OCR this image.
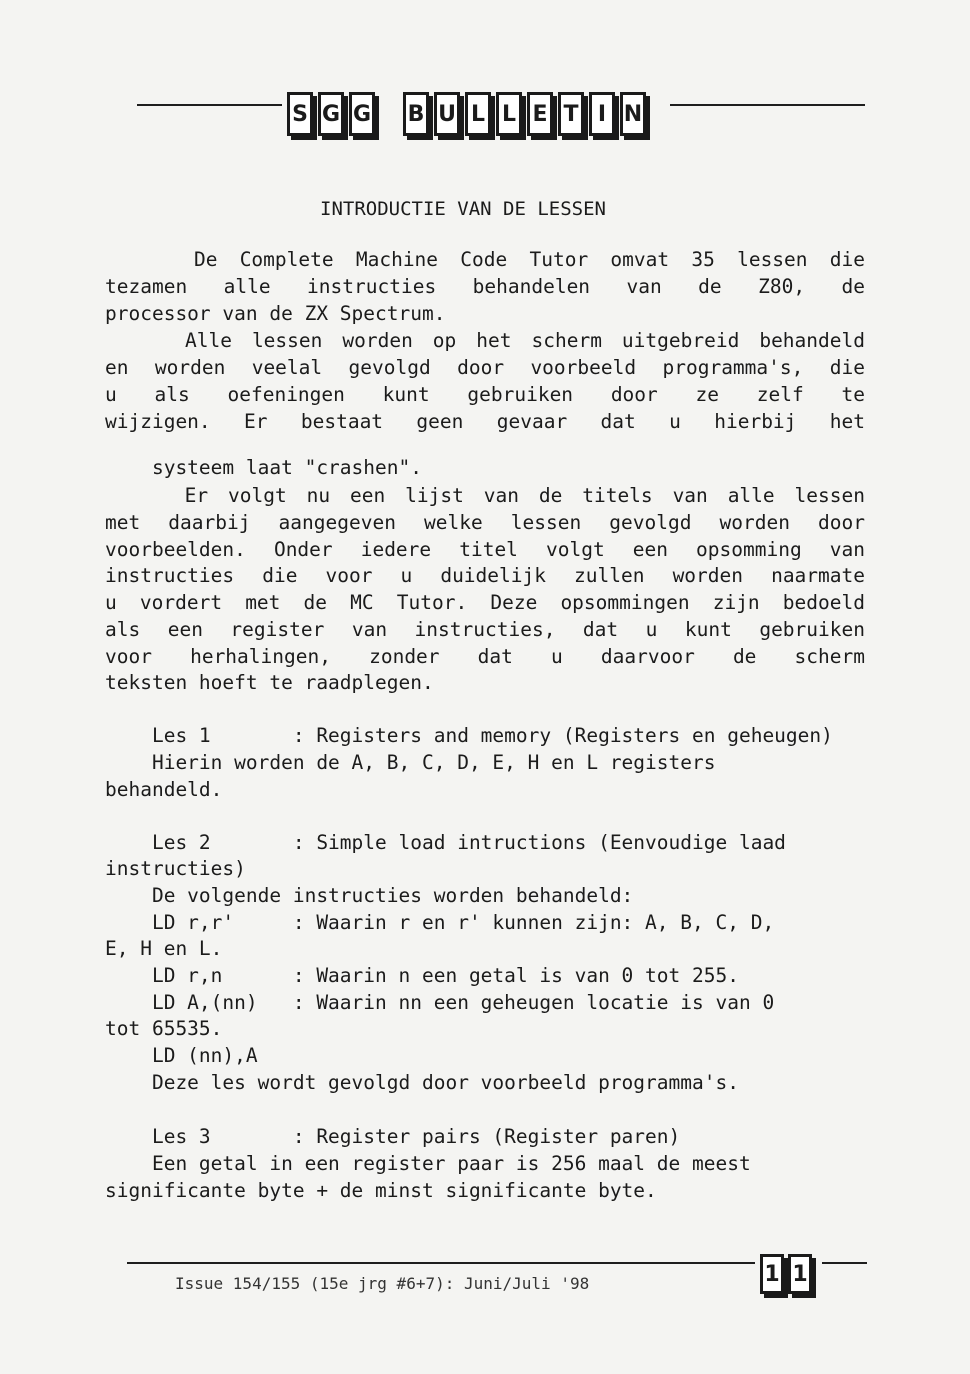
S G G B U L L E T I N
INTRODUCTIE VAN DE LESSEN
De Complete Machine Code Tutor omvat 35 lessen die
tezamen alle instructies behandelen van de Z80, de
processor van de ZX Spectrum.
Alle lessen worden op het scherm uitgebreid behandeld
en worden veelal gevolgd door voorbeeld programma's, die
u als oefeningen kunt gebruiken door ze zelf te
wijzigen. Er bestaat geen gevaar dat u hierbij het
systeem laat "crashen".
Er volgt nu een lijst van de titels van alle lessen
met daarbij aangegeven welke lessen gevolgd worden door
voorbeelden. Onder iedere titel volgt een opsomming van
instructies die voor u duidelijk zullen worden naarmate
u vordert met de MC Tutor. Deze opsommingen zijn bedoeld
als een register van instructies, dat u kunt gebruiken
voor herhalingen, zonder dat u daarvoor de scherm
teksten hoeft te raadplegen.
Les 1       : Registers and memory (Registers en geheugen)
Hierin worden de A, B, C, D, E, H en L registers
behandeld.
Les 2       : Simple load intructions (Eenvoudige laad
instructies)
De volgende instructies worden behandeld:
LD r,r'     : Waarin r en r' kunnen zijn: A, B, C, D,
E, H en L.
LD r,n      : Waarin n een getal is van 0 tot 255.
LD A,(nn)   : Waarin nn een geheugen locatie is van 0
tot 65535.
LD (nn),A
Deze les wordt gevolgd door voorbeeld programma's.
Les 3       : Register pairs (Register paren)
Een getal in een register paar is 256 maal de meest
significante byte + de minst significante byte.
Issue 154/155 (15e jrg #6+7): Juni/Juli '98	1 1
